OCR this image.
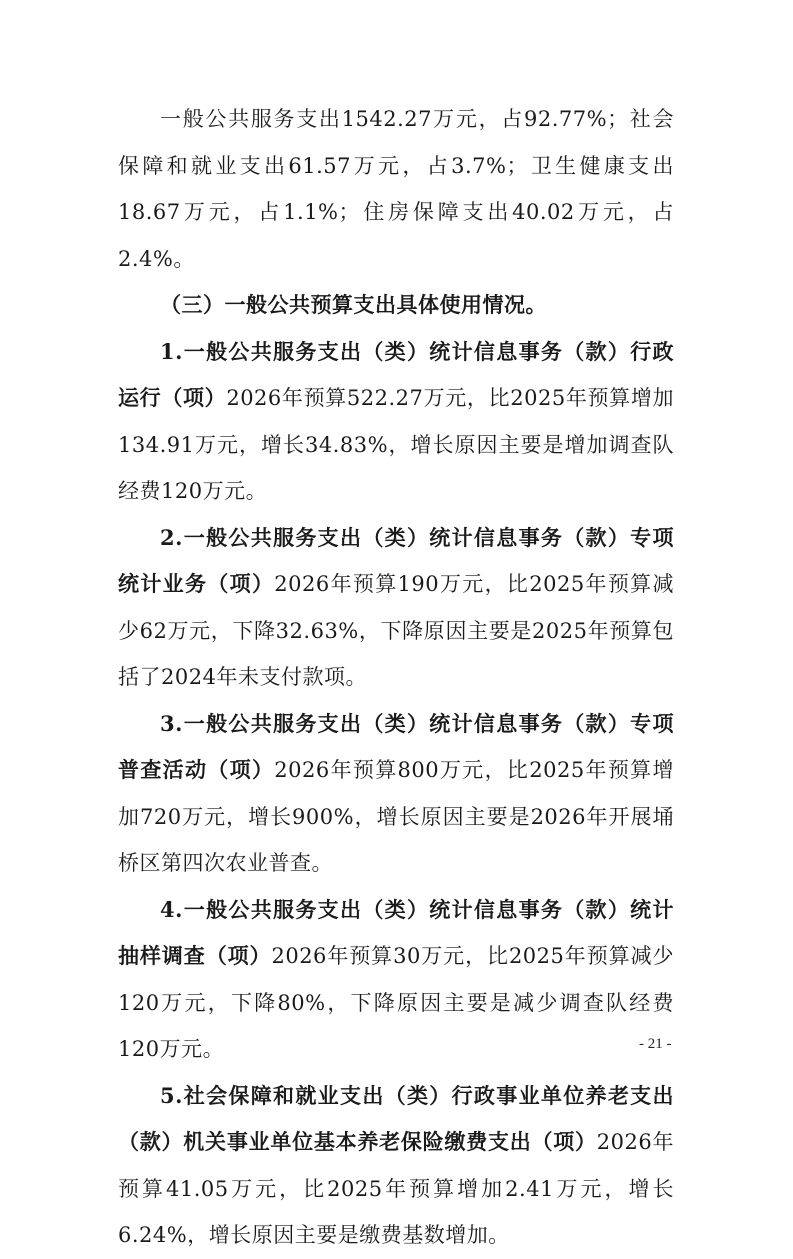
一般公共服务支出1542.27万元，占92.77%；社会保障和就业支出61.57万元，占3.7%；卫生健康支出18.67万元，占1.1%；住房保障支出40.02万元，占2.4%。

（三）一般公共预算支出具体使用情况。

1.一般公共服务支出（类）统计信息事务（款）行政运行（项）2026年预算522.27万元，比2025年预算增加134.91万元，增长34.83%，增长原因主要是增加调查队经费120万元。

2.一般公共服务支出（类）统计信息事务（款）专项统计业务（项）2026年预算190万元，比2025年预算减少62万元，下降32.63%，下降原因主要是2025年预算包括了2024年未支付款项。

3.一般公共服务支出（类）统计信息事务（款）专项普查活动（项）2026年预算800万元，比2025年预算增加720万元，增长900%，增长原因主要是2026年开展埇桥区第四次农业普查。

4.一般公共服务支出（类）统计信息事务（款）统计抽样调查（项）2026年预算30万元，比2025年预算减少120万元，下降80%，下降原因主要是减少调查队经费120万元。

5.社会保障和就业支出（类）行政事业单位养老支出（款）机关事业单位基本养老保险缴费支出（项）2026年预算41.05万元，比2025年预算增加2.41万元，增长6.24%，增长原因主要是缴费基数增加。

- 21 -
